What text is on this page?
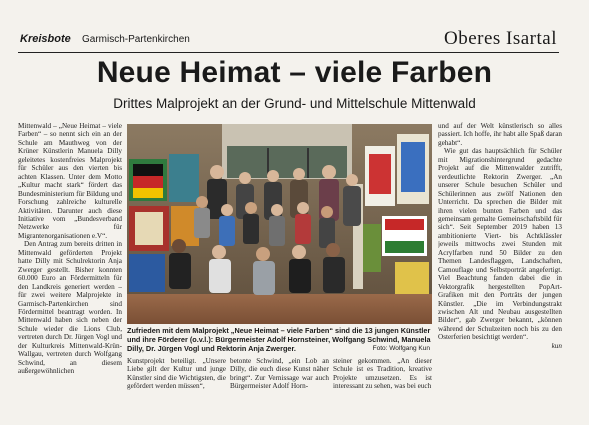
Kreisbote Garmisch-Partenkirchen	Oberes Isartal
Neue Heimat – viele Farben
Drittes Malprojekt an der Grund- und Mittelschule Mittenwald

Mittenwald – „Neue Heimat – viele Farben“ – so nennt sich ein an der Schule am Mauthweg von der Krüner Künstlerin Manuela Dilly geleitetes kostenfreies Malprojekt für Schüler aus den vierten bis achten Klassen. Unter dem Motto „Kultur macht stark“ fördert das Bundesministerium für Bildung und Forschung zahlreiche kulturelle Aktivitäten. Darunter auch diese Initiative vom „Bundesverband Netzwerke für Migrantenorganisationen e.V“.

Den Antrag zum bereits dritten in Mittenwald geförderten Projekt hatte Dilly mit Schulrektorin Anja Zwerger gestellt. Bisher konnten 60.000 Euro an Fördermitteln für den Landkreis generiert werden – für zwei weitere Malprojekte in Garmisch-Partenkirchen sind Fördermittel beantragt worden. In Mittenwald haben sich neben der Schule wieder die Lions Club, vertreten durch Dr. Jürgen Vogl und der Kulturkreis Mittenwald-Krün-Wallgau, vertreten durch Wolfgang Schwind, an diesem außergewöhnlichen

Zufrieden mit dem Malprojekt „Neue Heimat – viele Farben“ sind die 13 jungen Künstler und ihre Förderer (o.v.l.): Bürgermeister Adolf Hornsteiner, Wolfgang Schwind, Manuela Dilly, Dr. Jürgen Vogl und Rektorin Anja Zwerger.	Foto: Wolfgang Kun

Kunstprojekt beteiligt. „Unsere Liebe gilt der Kultur und junge Künstler sind die Wichtigsten, die gefördert werden müssen“,

betonte Schwind, „ein Lob an Dilly, die euch diese Kunst näher bringt“. Zur Vernissage war auch Bürgermeister Adolf Horn-

steiner gekommen. „An dieser Schule ist es Tradition, kreative Projekte umzusetzen. Es ist interessant zu sehen, was bei euch

und auf der Welt künstlerisch so alles passiert. Ich hoffe, ihr habt alle Spaß daran gehabt“.

Wie gut das hauptsächlich für Schüler mit Migrationshintergrund gedachte Projekt auf die Mittenwalder zutrifft, verdeutlichte Rektorin Zwerger. „An unserer Schule besuchen Schüler und Schülerinnen aus zwölf Nationen den Unterricht. Da sprechen die Bilder mit ihren vielen bunten Farben und das gemeinsam gemalte Gemeinschaftsbild für sich“. Seit September 2019 haben 13 ambitionierte Viert- bis Achtklässler jeweils mittwochs zwei Stunden mit Acrylfarben rund 50 Bilder zu den Themen Landesflaggen, Landschaften, Camouflage und Selbstporträt angefertigt. Viel Beachtung fanden dabei die in Vektorgrafik hergestellten PopArt-Grafiken mit den Porträts der jungen Künstler. „Die im Verbindungstrakt zwischen Alt und Neubau ausgestellten Bilder“, gab Zwerger bekannt, „können während der Schulzeiten noch bis zu den Osterferien besichtigt werden“.

kun
